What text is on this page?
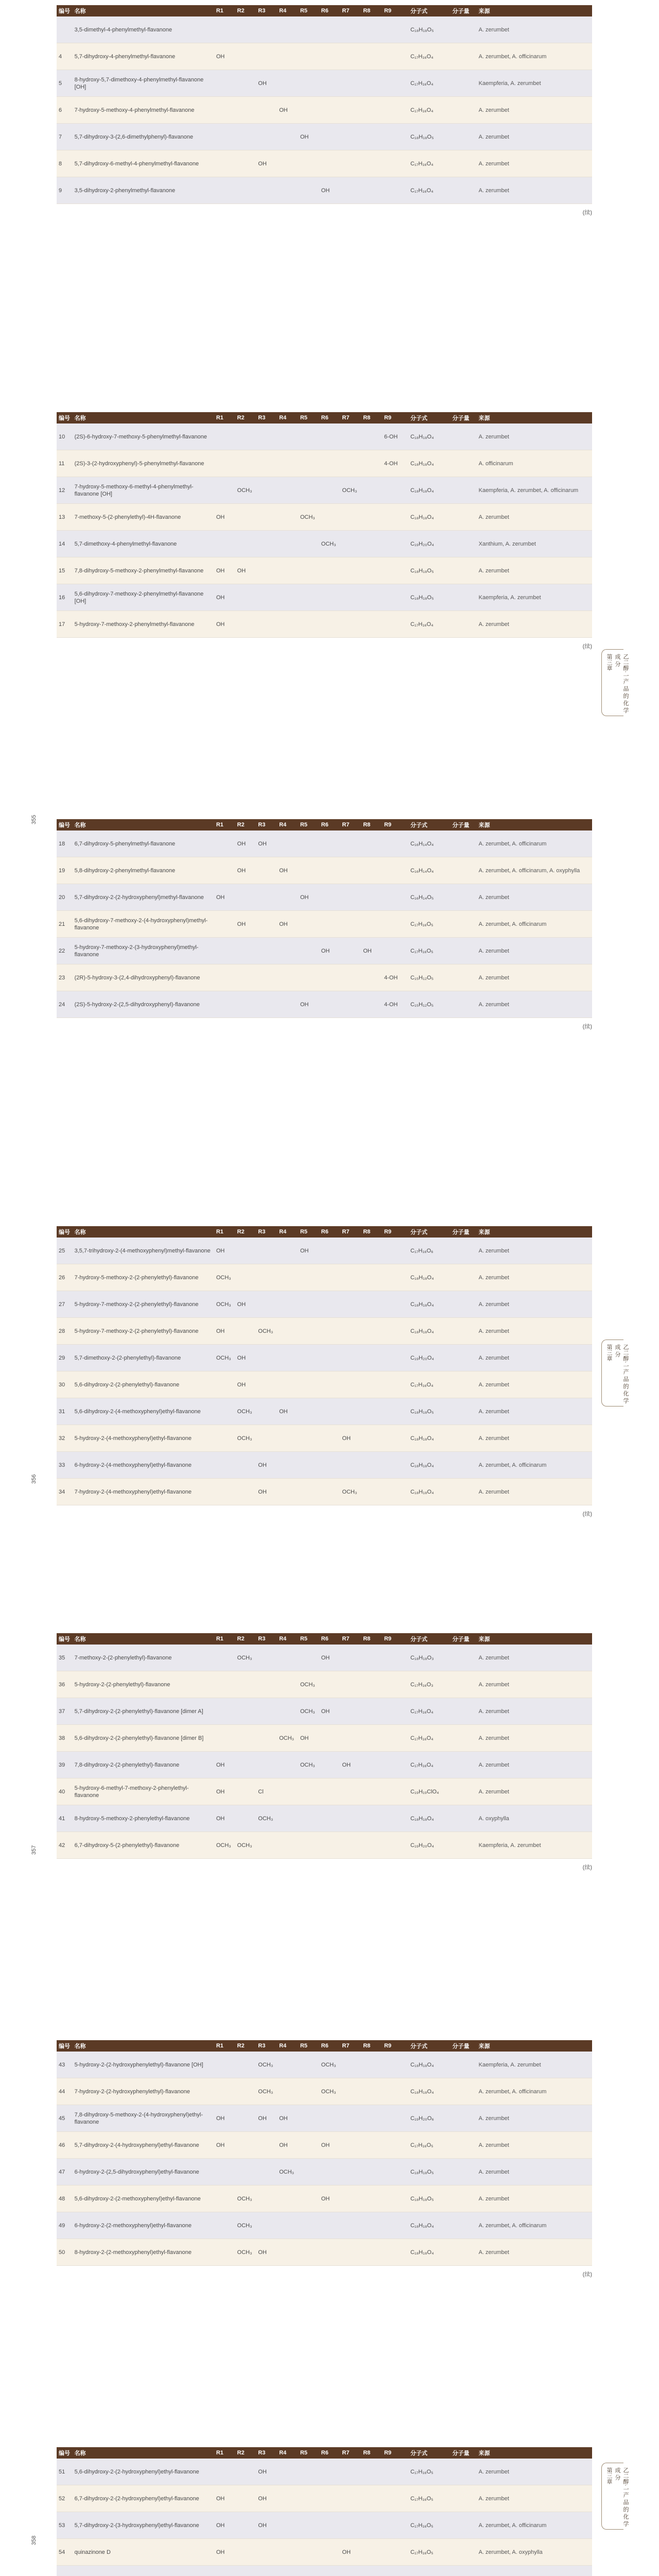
编号	名称	R1	R2	R3	R4	R5	R6	R7	R8	R9	分子式	分子量	来源
	3,5-dimethyl-4-phenylmethyl-flavanone										C₁₈H₁₈O₅		A. zerumbet
4	5,7-dihydroxy-4-phenylmethyl-flavanone	OH									C₁₇H₁₆O₄		A. zerumbet, A. officinarum
5	8-hydroxy-5,7-dimethoxy-4-phenylmethyl-flavanone [OH]			OH							C₁₇H₁₆O₄		Kaempferia, A. zerumbet
6	7-hydroxy-5-methoxy-4-phenylmethyl-flavanone				OH						C₁₇H₁₆O₄		A. zerumbet
7	5,7-dihydroxy-3-(2,6-dimethylphenyl)-flavanone					OH					C₁₈H₁₈O₅		A. zerumbet
8	5,7-dihydroxy-6-methyl-4-phenylmethyl-flavanone			OH							C₁₇H₁₆O₄		A. zerumbet
9	3,5-dihydroxy-2-phenylmethyl-flavanone						OH				C₁₇H₁₆O₄		A. zerumbet
(续)
编号	名称	R1	R2	R3	R4	R5	R6	R7	R8	R9	分子式	分子量	来源
10	(2S)-6-hydroxy-7-methoxy-5-phenylmethyl-flavanone									6-OH	C₁₈H₁₈O₄		A. zerumbet
11	(2S)-3-(2-hydroxyphenyl)-5-phenylmethyl-flavanone									4-OH	C₁₈H₁₈O₄		A. officinarum
12	7-hydroxy-5-methoxy-6-methyl-4-phenylmethyl-flavanone [OH]		OCH₃					OCH₃			C₁₈H₁₈O₄		Kaempferia, A. zerumbet, A. officinarum
13	7-methoxy-5-(2-phenylethyl)-4H-flavanone	OH				OCH₃					C₁₈H₁₈O₄		A. zerumbet
14	5,7-dimethoxy-4-phenylmethyl-flavanone						OCH₃				C₁₉H₂₀O₄		Xanthium, A. zerumbet
15	7,8-dihydroxy-5-methoxy-2-phenylmethyl-flavanone	OH	OH								C₁₈H₁₈O₅		A. zerumbet
16	5,6-dihydroxy-7-methoxy-2-phenylmethyl-flavanone [OH]	OH									C₁₈H₁₈O₅		Kaempferia, A. zerumbet
17	5-hydroxy-7-methoxy-2-phenylmethyl-flavanone	OH									C₁₇H₁₆O₄		A. zerumbet
(续)
编号	名称	R1	R2	R3	R4	R5	R6	R7	R8	R9	分子式	分子量	来源
18	6,7-dihydroxy-5-phenylmethyl-flavanone		OH	OH							C₁₆H₁₄O₄		A. zerumbet, A. officinarum
19	5,8-dihydroxy-2-phenylmethyl-flavanone		OH		OH						C₁₆H₁₄O₄		A. zerumbet, A. officinarum, A. oxyphylla
20	5,7-dihydroxy-2-(2-hydroxyphenyl)methyl-flavanone	OH				OH					C₁₆H₁₄O₅		A. zerumbet
21	5,6-dihydroxy-7-methoxy-2-(4-hydroxyphenyl)methyl-flavanone		OH		OH						C₁₇H₁₆O₅		A. zerumbet, A. officinarum
22	5-hydroxy-7-methoxy-2-(3-hydroxyphenyl)methyl-flavanone						OH		OH		C₁₇H₁₆O₅		A. zerumbet
23	(2R)-5-hydroxy-3-(2,4-dihydroxyphenyl)-flavanone									4-OH	C₁₅H₁₂O₅		A. zerumbet
24	(2S)-5-hydroxy-2-(2,5-dihydroxyphenyl)-flavanone					OH				4-OH	C₁₅H₁₂O₅		A. zerumbet
(续)
编号	名称	R1	R2	R3	R4	R5	R6	R7	R8	R9	分子式	分子量	来源
25	3,5,7-trihydroxy-2-(4-methoxyphenyl)methyl-flavanone	OH				OH					C₁₇H₁₆O₆		A. zerumbet
26	7-hydroxy-5-methoxy-2-(2-phenylethyl)-flavanone	OCH₃									C₁₈H₁₈O₄		A. zerumbet
27	5-hydroxy-7-methoxy-2-(2-phenylethyl)-flavanone	OCH₃	OH								C₁₈H₁₈O₄		A. zerumbet
28	5-hydroxy-7-methoxy-2-(2-phenylethyl)-flavanone	OH		OCH₃							C₁₈H₁₈O₄		A. zerumbet
29	5,7-dimethoxy-2-(2-phenylethyl)-flavanone	OCH₃	OH								C₁₉H₂₀O₄		A. zerumbet
30	5,6-dihydroxy-2-(2-phenylethyl)-flavanone		OH								C₁₇H₁₆O₄		A. zerumbet
31	5,6-dihydroxy-2-(4-methoxyphenyl)ethyl-flavanone		OCH₃		OH						C₁₈H₁₈O₅		A. zerumbet
32	5-hydroxy-2-(4-methoxyphenyl)ethyl-flavanone		OCH₃					OH			C₁₈H₁₈O₄		A. zerumbet
33	6-hydroxy-2-(4-methoxyphenyl)ethyl-flavanone			OH							C₁₈H₁₈O₄		A. zerumbet, A. officinarum
34	7-hydroxy-2-(4-methoxyphenyl)ethyl-flavanone			OH				OCH₃			C₁₈H₁₈O₄		A. zerumbet
(续)
编号	名称	R1	R2	R3	R4	R5	R6	R7	R8	R9	分子式	分子量	来源
35	7-methoxy-2-(2-phenylethyl)-flavanone		OCH₃				OH				C₁₈H₁₈O₃		A. zerumbet
36	5-hydroxy-2-(2-phenylethyl)-flavanone					OCH₃					C₁₇H₁₆O₃		A. zerumbet
37	5,7-dihydroxy-2-(2-phenylethyl)-flavanone [dimer A]					OCH₃	OH				C₁₇H₁₆O₄		A. zerumbet
38	5,6-dihydroxy-2-(2-phenylethyl)-flavanone [dimer B]				OCH₃	OH					C₁₇H₁₆O₄		A. zerumbet
39	7,8-dihydroxy-2-(2-phenylethyl)-flavanone	OH				OCH₃		OH			C₁₇H₁₆O₄		A. zerumbet
40	5-hydroxy-6-methyl-7-methoxy-2-phenylethyl-flavanone	OH		Cl							C₁₉H₁₉ClO₄		A. zerumbet
41	8-hydroxy-5-methoxy-2-phenylethyl-flavanone	OH		OCH₃							C₁₈H₁₈O₄		A. oxyphylla
42	6,7-dihydroxy-5-(2-phenylethyl)-flavanone	OCH₃	OCH₃								C₁₉H₂₀O₄		Kaempferia, A. zerumbet
(续)
编号	名称	R1	R2	R3	R4	R5	R6	R7	R8	R9	分子式	分子量	来源
43	5-hydroxy-2-(2-hydroxyphenylethyl)-flavanone [OH]			OCH₃			OCH₃				C₁₈H₁₈O₄		Kaempferia, A. zerumbet
44	7-hydroxy-2-(2-hydroxyphenylethyl)-flavanone			OCH₃			OCH₃				C₁₈H₁₈O₄		A. zerumbet, A. officinarum
45	7,8-dihydroxy-5-methoxy-2-(4-hydroxyphenyl)ethyl-flavanone	OH		OH	OH						C₁₉H₂₀O₆		A. zerumbet
46	5,7-dihydroxy-2-(4-hydroxyphenyl)ethyl-flavanone	OH			OH		OH				C₁₇H₁₆O₅		A. zerumbet
47	6-hydroxy-2-(2,5-dihydroxyphenyl)ethyl-flavanone				OCH₃						C₁₈H₁₈O₅		A. zerumbet
48	5,6-dihydroxy-2-(2-methoxyphenyl)ethyl-flavanone		OCH₃				OH				C₁₈H₁₈O₅		A. zerumbet
49	6-hydroxy-2-(2-methoxyphenyl)ethyl-flavanone		OCH₃								C₁₈H₁₈O₄		A. zerumbet, A. officinarum
50	8-hydroxy-2-(2-methoxyphenyl)ethyl-flavanone		OCH₃	OH							C₁₈H₁₈O₄		A. zerumbet
(续)
编号	名称	R1	R2	R3	R4	R5	R6	R7	R8	R9	分子式	分子量	来源
51	5,6-dihydroxy-2-(2-hydroxyphenyl)ethyl-flavanone			OH							C₁₇H₁₆O₅		A. zerumbet
52	6,7-dihydroxy-2-(2-hydroxyphenyl)ethyl-flavanone	OH		OH							C₁₇H₁₆O₅		A. zerumbet
53	5,7-dihydroxy-2-(3-hydroxyphenyl)ethyl-flavanone	OH		OH							C₁₇H₁₆O₅		A. zerumbet, A. officinarum
54	quinazinone D	OH						OH			C₁₇H₁₆O₅		A. zerumbet, A. oxyphylla

第三章	乙二醇·一产 品 的 化 学 成 分
第三章	乙二醇·一产 品 的 化 学 成 分
第三章	乙二醇·一产 品 的 化 学 成 分
355
356
357
358
